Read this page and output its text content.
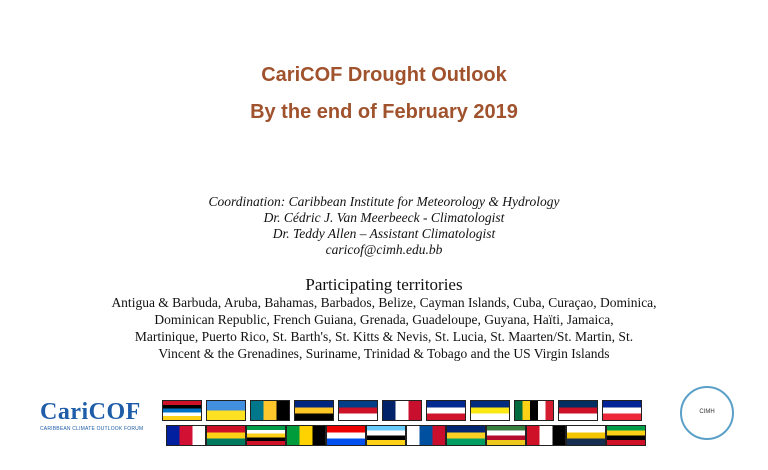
CariCOF Drought Outlook
By the end of February 2019
Coordination: Caribbean Institute for Meteorology & Hydrology
Dr. Cédric J. Van Meerbeeck - Climatologist
Dr. Teddy Allen – Assistant Climatologist
caricof@cimh.edu.bb
Participating territories
Antigua & Barbuda, Aruba, Bahamas, Barbados, Belize, Cayman Islands, Cuba, Curaçao, Dominica,
Dominican Republic, French Guiana, Grenada, Guadeloupe, Guyana, Haïti, Jamaica,
Martinique, Puerto Rico, St. Barth's, St. Kitts & Nevis, St. Lucia, St. Maarten/St. Martin, St.
Vincent & the Grenadines, Suriname, Trinidad & Tobago and the US Virgin Islands
CariCOF
CARIBBEAN CLIMATE OUTLOOK FORUM
CIMH
